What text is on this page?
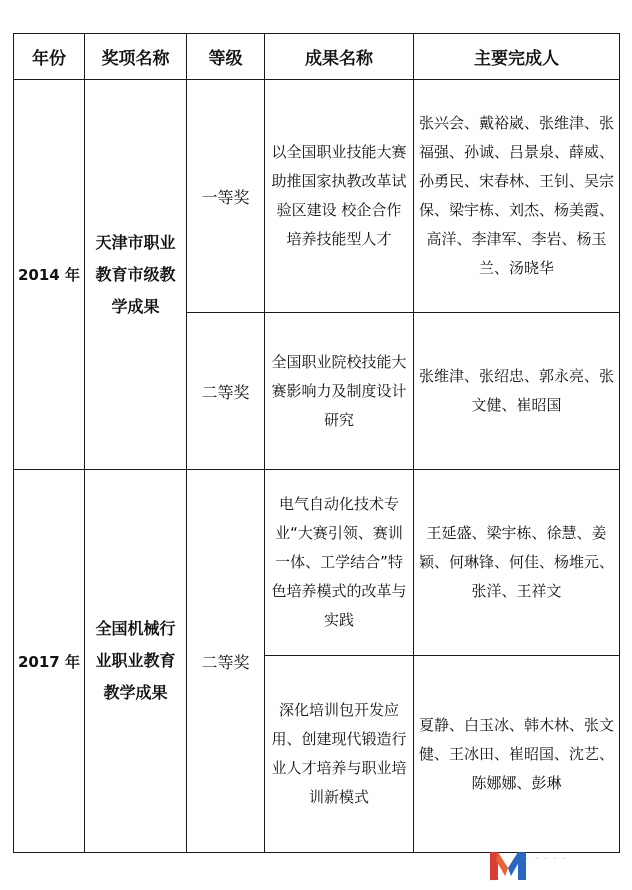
年份	奖项名称	等级	成果名称	主要完成人
2014 年	天津市职业教育市级教学成果	一等奖	以全国职业技能大赛助推国家执教改革试验区建设 校企合作培养技能型人才	张兴会、戴裕崴、张维津、张福强、孙诚、吕景泉、薛威、孙勇民、宋春林、王钊、吴宗保、梁宇栋、刘杰、杨美霞、高洋、李津军、李岩、杨玉兰、汤晓华
		二等奖	全国职业院校技能大赛影响力及制度设计研究	张维津、张绍忠、郭永亮、张文健、崔昭国
2017 年	全国机械行业职业教育教学成果	二等奖	电气自动化技术专业“大赛引领、赛训一体、工学结合”特色培养模式的改革与实践	王延盛、梁宇栋、徐慧、姜颖、何琳锋、何佳、杨堆元、张洋、王祥文
			深化培训包开发应用、创建现代锻造行业人才培养与职业培训新模式	夏静、白玉冰、韩木林、张文健、王冰田、崔昭国、沈艺、陈娜娜、彭琳
· · · · ·
